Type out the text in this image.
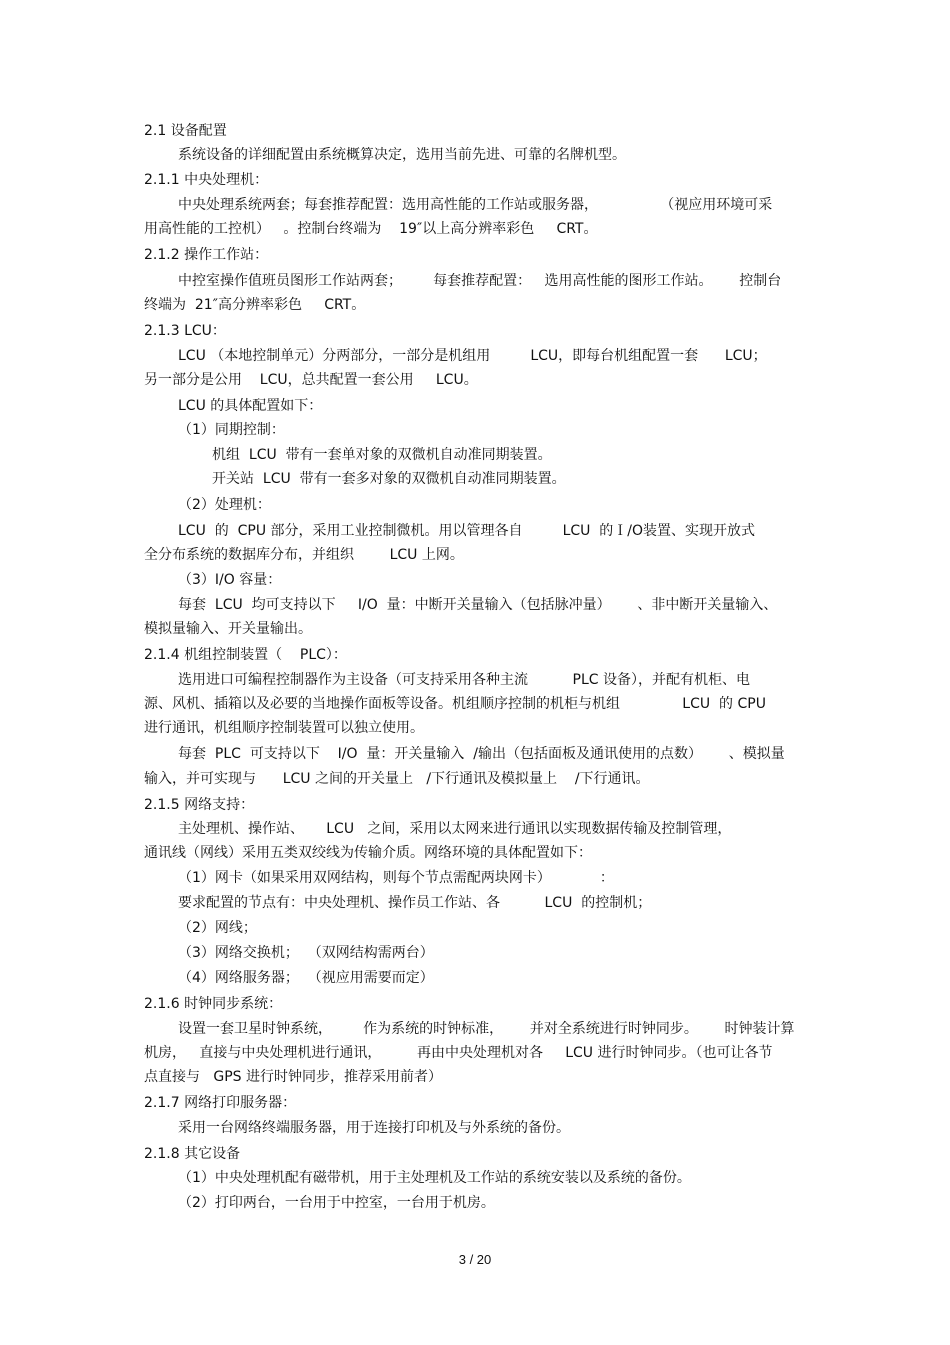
2.1 设备配置
系统设备的详细配置由系统概算决定，选用当前先进、可靠的名牌机型。
2.1.1 中央处理机：
中央处理系统两套；每套推荐配置：选用高性能的工作站或服务器，              （视应用环境可采
用高性能的工控机）   。控制台终端为    19″以上高分辨率彩色     CRT。
2.1.2 操作工作站：
中控室操作值班员图形工作站两套；       每套推荐配置：   选用高性能的图形工作站。      控制台
终端为  21″高分辨率彩色     CRT。
2.1.3 LCU：
LCU （本地控制单元）分两部分，一部分是机组用         LCU，即每台机组配置一套      LCU；
另一部分是公用    LCU，总共配置一套公用     LCU。
LCU 的具体配置如下：
（1）同期控制：
机组  LCU  带有一套单对象的双微机自动准同期装置。
开关站  LCU  带有一套多对象的双微机自动准同期装置。
（2）处理机：
LCU  的  CPU 部分，采用工业控制微机。用以管理各自         LCU  的Ｉ/O装置、实现开放式
全分布系统的数据库分布，并组织        LCU 上网。
（3）I/O 容量：
每套  LCU  均可支持以下     I/O  量：中断开关量输入（包括脉冲量）      、非中断开关量输入、
模拟量输入、开关量输出。
2.1.4 机组控制装置（    PLC）：
选用进口可编程控制器作为主设备（可支持采用各种主流          PLC 设备），并配有机柜、电
源、风机、插箱以及必要的当地操作面板等设备。机组顺序控制的机柜与机组              LCU  的 CPU
进行通讯，机组顺序控制装置可以独立使用。
每套  PLC  可支持以下    I/O  量：开关量输入  /输出（包括面板及通讯使用的点数）      、模拟量
输入，并可实现与      LCU 之间的开关量上   /下行通讯及模拟量上    /下行通讯。
2.1.5 网络支持：
主处理机、操作站、     LCU   之间，采用以太网来进行通讯以实现数据传输及控制管理，
通讯线（网线）采用五类双绞线为传输介质。网络环境的具体配置如下：
（1）网卡（如果采用双网结构，则每个节点需配两块网卡）           ：
要求配置的节点有：中央处理机、操作员工作站、各          LCU  的控制机；
（2）网线；
（3）网络交换机；  （双网结构需两台）
（4）网络服务器；  （视应用需要而定）
2.1.6 时钟同步系统：
设置一套卫星时钟系统，       作为系统的时钟标准，      并对全系统进行时钟同步。      时钟装计算
机房，   直接与中央处理机进行通讯，        再由中央处理机对各     LCU 进行时钟同步。（也可让各节
点直接与   GPS 进行时钟同步，推荐采用前者）
2.1.7 网络打印服务器：
采用一台网络终端服务器，用于连接打印机及与外系统的备份。
2.1.8 其它设备
（1）中央处理机配有磁带机，用于主处理机及工作站的系统安装以及系统的备份。
（2）打印两台，一台用于中控室，一台用于机房。
3 / 20
